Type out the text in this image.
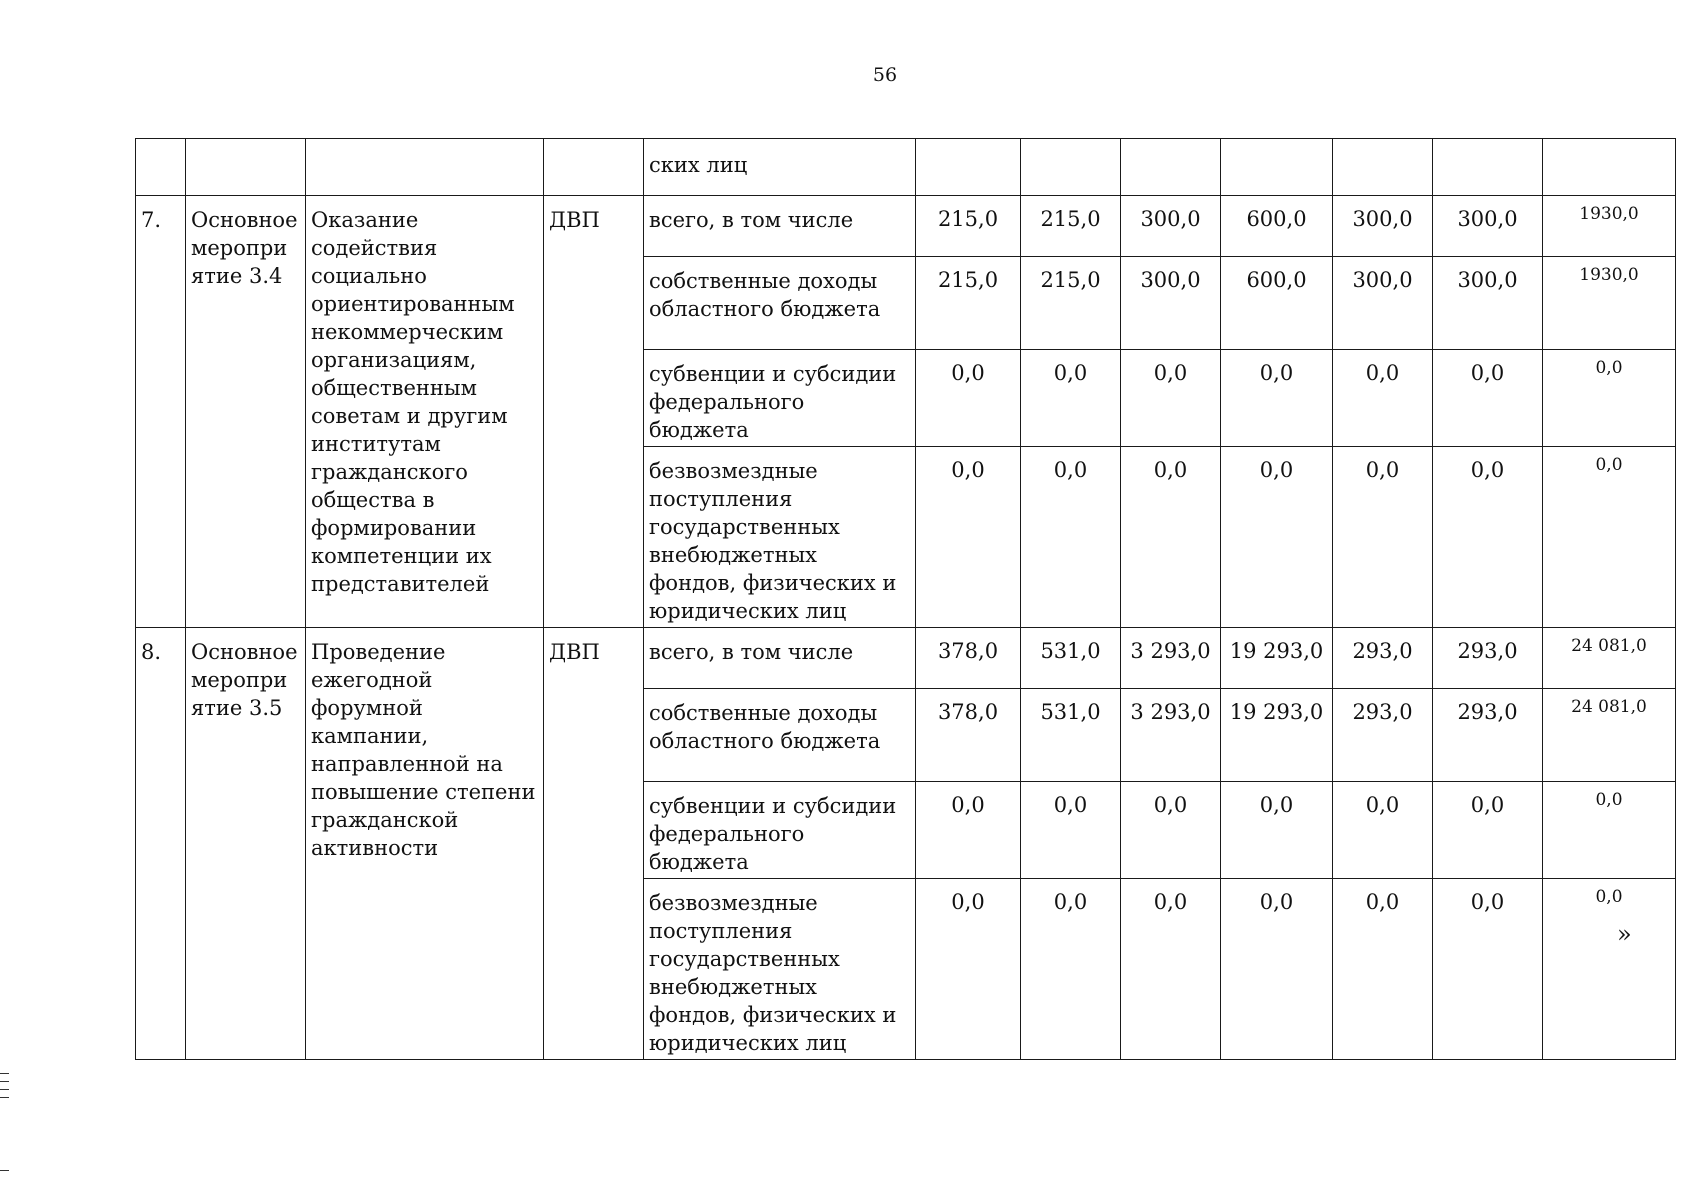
56
				ских лиц							
7.	Основное мероприятие 3.4	Оказание содействия социально ориентированным некоммерческим организациям, общественным советам и другим институтам гражданского общества в формировании компетенции их представителей	ДВП	всего, в том числе	215,0	215,0	300,0	600,0	300,0	300,0	1930,0
				собственные доходы областного бюджета	215,0	215,0	300,0	600,0	300,0	300,0	1930,0
				субвенции и субсидии федерального бюджета	0,0	0,0	0,0	0,0	0,0	0,0	0,0
				безвозмездные поступления государственных внебюджетных фондов, физических и юридических лиц	0,0	0,0	0,0	0,0	0,0	0,0	0,0
8.	Основное мероприятие 3.5	Проведение ежегодной форумной кампании, направленной на повышение степени гражданской активности	ДВП	всего, в том числе	378,0	531,0	3 293,0	19 293,0	293,0	293,0	24 081,0
				собственные доходы областного бюджета	378,0	531,0	3 293,0	19 293,0	293,0	293,0	24 081,0
				субвенции и субсидии федерального бюджета	0,0	0,0	0,0	0,0	0,0	0,0	0,0
				безвозмездные поступления государственных внебюджетных фондов, физических и юридических лиц	0,0	0,0	0,0	0,0	0,0	0,0	0,0
»
